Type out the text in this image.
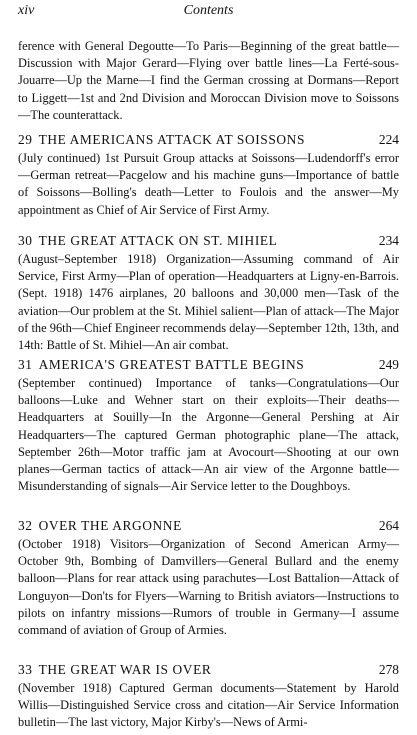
xiv	Contents
ference with General Degoutte—To Paris—Beginning of the great battle—Discussion with Major Gerard—Flying over battle lines—La Ferté-sous-Jouarre—Up the Marne—I find the German crossing at Dormans—Report to Liggett—1st and 2nd Division and Moroccan Division move to Soissons—The counterattack.
29 THE AMERICANS ATTACK AT SOISSONS	224
(July continued) 1st Pursuit Group attacks at Soissons—Ludendorff's error—German retreat—Pacgelow and his machine guns—Importance of battle of Soissons—Bolling's death—Letter to Foulois and the answer—My appointment as Chief of Air Service of First Army.
30 THE GREAT ATTACK ON ST. MIHIEL	234
(August–September 1918) Organization—Assuming command of Air Service, First Army—Plan of operation—Headquarters at Ligny-en-Barrois. (Sept. 1918) 1476 airplanes, 20 balloons and 30,000 men—Task of the aviation—Our problem at the St. Mihiel salient—Plan of attack—The Major of the 96th—Chief Engineer recommends delay—September 12th, 13th, and 14th: Battle of St. Mihiel—An air combat.
31 AMERICA'S GREATEST BATTLE BEGINS	249
(September continued) Importance of tanks—Congratulations—Our balloons—Luke and Wehner start on their exploits—Their deaths—Headquarters at Souilly—In the Argonne—General Pershing at Air Headquarters—The captured German photographic plane—The attack, September 26th—Motor traffic jam at Avocourt—Shooting at our own planes—German tactics of attack—An air view of the Argonne battle—Misunderstanding of signals—Air Service letter to the Doughboys.
32 OVER THE ARGONNE	264
(October 1918) Visitors—Organization of Second American Army—October 9th, Bombing of Damvillers—General Bullard and the enemy balloon—Plans for rear attack using parachutes—Lost Battalion—Attack of Longuyon—Don'ts for Flyers—Warning to British aviators—Instructions to pilots on infantry missions—Rumors of trouble in Germany—I assume command of aviation of Group of Armies.
33 THE GREAT WAR IS OVER	278
(November 1918) Captured German documents—Statement by Harold Willis—Distinguished Service cross and citation—Air Service Information bulletin—The last victory, Major Kirby's—News of Armi-
